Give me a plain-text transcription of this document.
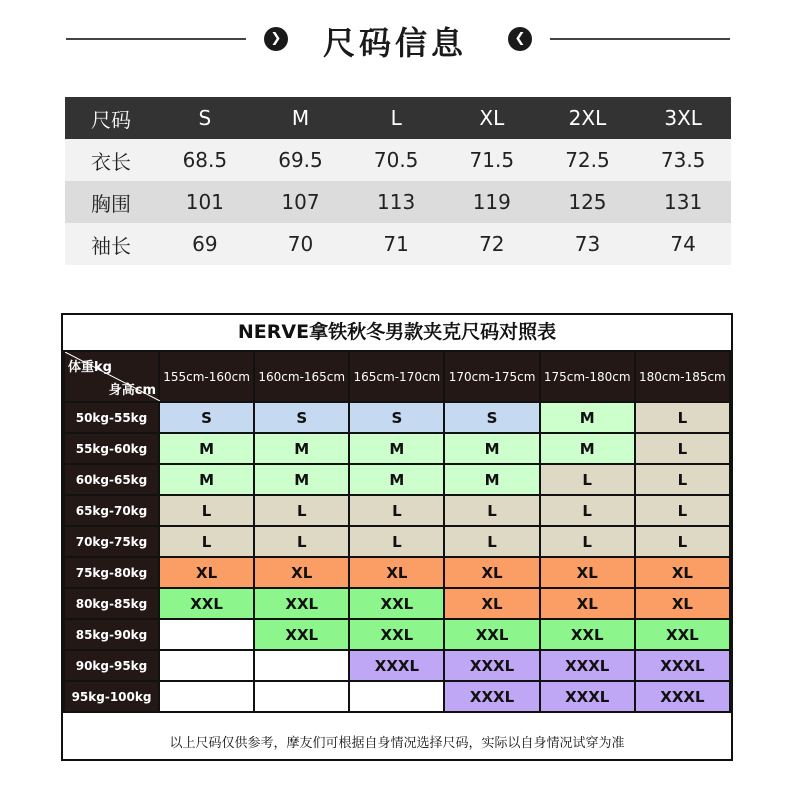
❯	尺码信息	❮
尺码	S	M	L	XL	2XL	3XL
衣长	68.5	69.5	70.5	71.5	72.5	73.5
胸围	101	107	113	119	125	131
袖长	69	70	71	72	73	74
NERVE拿铁秋冬男款夹克尺码对照表
体重kg
身高cm	155cm-160cm	160cm-165cm	165cm-170cm	170cm-175cm	175cm-180cm	180cm-185cm
50kg-55kg	S	S	S	S	M	L
55kg-60kg	M	M	M	M	M	L
60kg-65kg	M	M	M	M	L	L
65kg-70kg	L	L	L	L	L	L
70kg-75kg	L	L	L	L	L	L
75kg-80kg	XL	XL	XL	XL	XL	XL
80kg-85kg	XXL	XXL	XXL	XL	XL	XL
85kg-90kg		XXL	XXL	XXL	XXL	XXL
90kg-95kg			XXXL	XXXL	XXXL	XXXL
95kg-100kg				XXXL	XXXL	XXXL
以上尺码仅供参考，摩友们可根据自身情况选择尺码，实际以自身情况试穿为准
